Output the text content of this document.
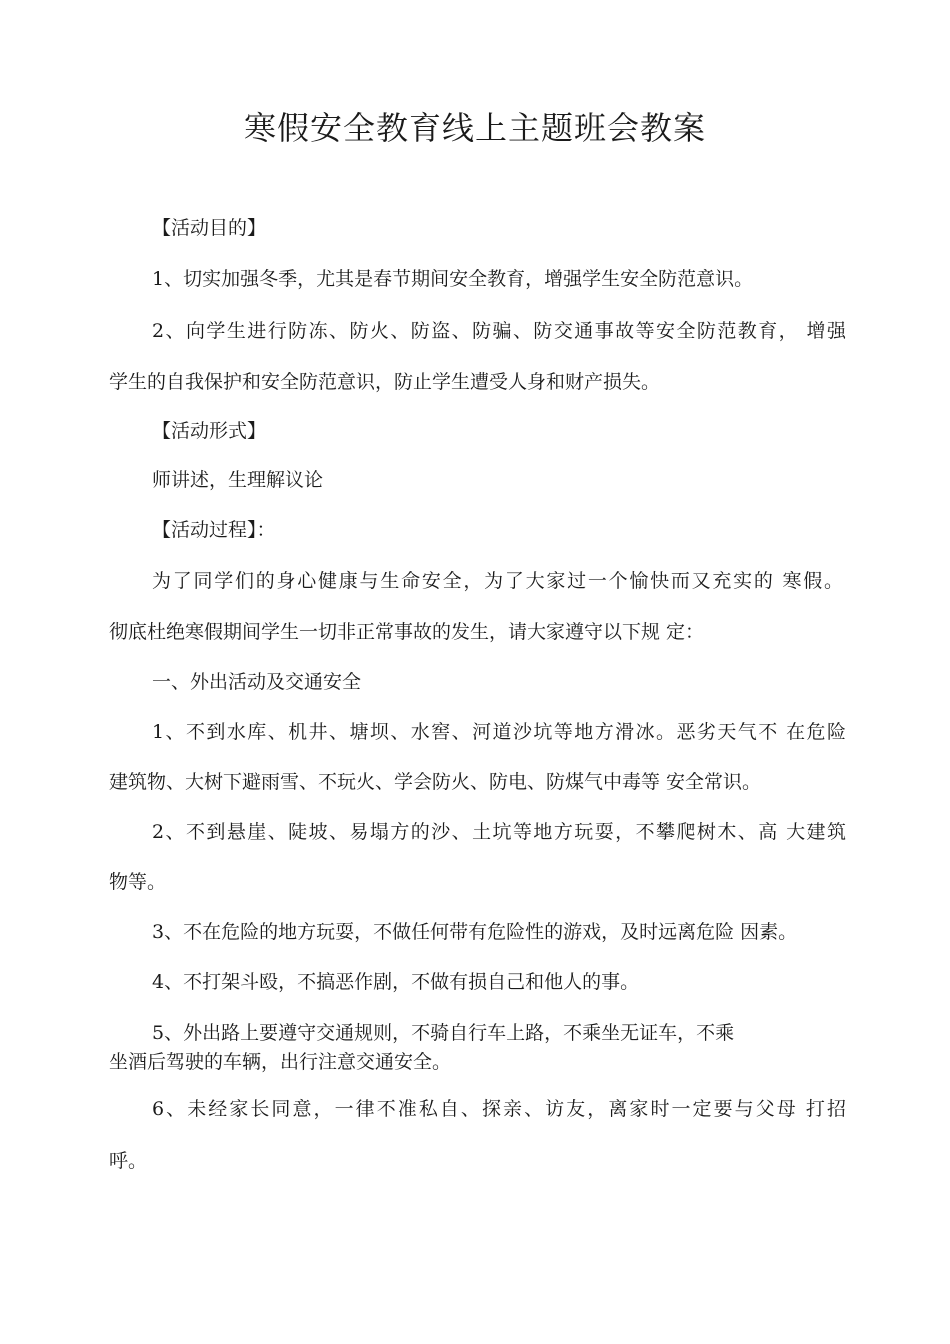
寒假安全教育线上主题班会教案
【活动目的】
1、切实加强冬季，尤其是春节期间安全教育，增强学生安全防范意识。
2、向学生进行防冻、防火、防盗、防骗、防交通事故等安全防范教育， 增强
学生的自我保护和安全防范意识，防止学生遭受人身和财产损失。
【活动形式】
师讲述，生理解议论
【活动过程】：
为了同学们的身心健康与生命安全，为了大家过一个愉快而又充实的 寒假。
彻底杜绝寒假期间学生一切非正常事故的发生，请大家遵守以下规 定：
一、外出活动及交通安全
1、不到水库、机井、塘坝、水窖、河道沙坑等地方滑冰。恶劣天气不 在危险
建筑物、大树下避雨雪、不玩火、学会防火、防电、防煤气中毒等 安全常识。
2、不到悬崖、陡坡、易塌方的沙、土坑等地方玩耍，不攀爬树木、高 大建筑
物等。
3、不在危险的地方玩耍，不做任何带有危险性的游戏，及时远离危险 因素。
4、不打架斗殴，不搞恶作剧，不做有损自己和他人的事。
5、外出路上要遵守交通规则，不骑自行车上路，不乘坐无证车，不乘
坐酒后驾驶的车辆，出行注意交通安全。
6、未经家长同意，一律不准私自、探亲、访友，离家时一定要与父母 打招
呼。
